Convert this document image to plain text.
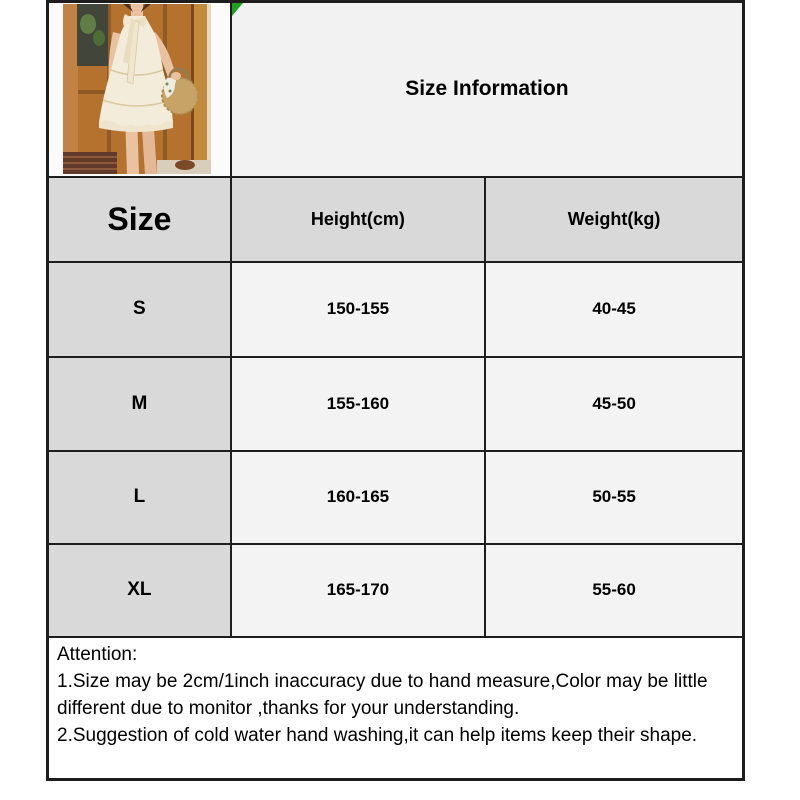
Size Information	
Size	Height(cm)	Weight(kg)
S	150-155	40-45
M	155-160	45-50
L	160-165	50-55
XL	165-170	55-60

Attention:
1.Size may be 2cm/1inch inaccuracy due to hand measure,Color may be little different due to monitor ,thanks for your understanding.
2.Suggestion of cold water hand washing,it can help items keep their shape.		
